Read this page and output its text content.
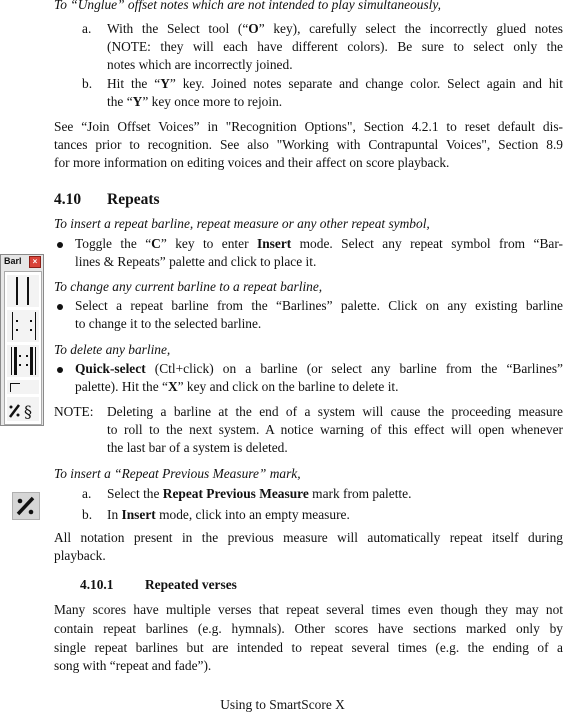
To “Unglue” offset notes which are not intended to play simultaneously,
a. With the Select tool (“O” key), carefully select the incorrectly glued notes
(NOTE: they will each have different colors). Be sure to select only the
notes which are incorrectly joined.
b. Hit the “Y” key. Joined notes separate and change color. Select again and hit
the “Y” key once more to rejoin.
See “Join Offset Voices” in "Recognition Options", Section 4.2.1 to reset default dis-
tances prior to recognition. See also "Working with Contrapuntal Voices", Section 8.9
for more information on editing voices and their affect on score playback.
4.10 Repeats
To insert a repeat barline, repeat measure or any other repeat symbol,
Toggle the “C” key to enter Insert mode. Select any repeat symbol from “Bar-
lines & Repeats” palette and click to place it.
To change any current barline to a repeat barline,
Select a repeat barline from the “Barlines” palette. Click on any existing barline
to change it to the selected barline.
To delete any barline,
Quick-select (Ctl+click) on a barline (or select any barline from the “Barlines”
palette). Hit the “X” key and click on the barline to delete it.
NOTE: Deleting a barline at the end of a system will cause the proceeding measure
to roll to the next system. A notice warning of this effect will open whenever
the last bar of a system is deleted.
To insert a “Repeat Previous Measure” mark,
a. Select the Repeat Previous Measure mark from palette.
b. In Insert mode, click into an empty measure.
All notation present in the previous measure will automatically repeat itself during
playback.
4.10.1 Repeated verses
Many scores have multiple verses that repeat several times even though they may not
contain repeat barlines (e.g. hymnals). Other scores have sections marked only by
single repeat barlines but are intended to repeat several times (e.g. the ending of a
song with “repeat and fade”).
Barl	×
§
Using to SmartScore X
